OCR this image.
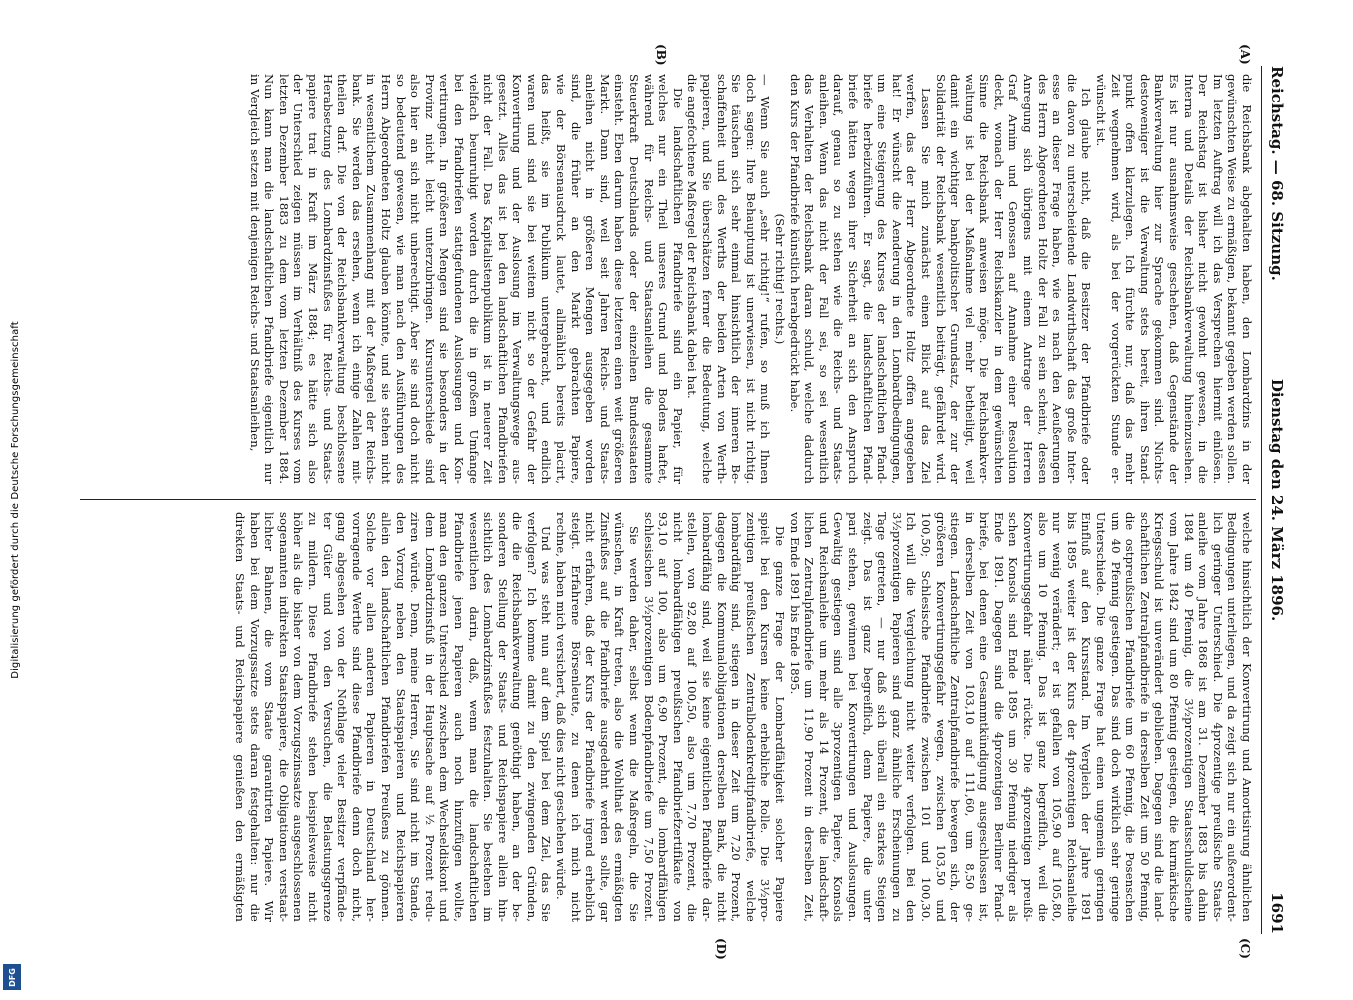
Reichstag. — 68. Sitzung.
Dienstag den 24. März 1896.
1691
(A)
(B)
(C)
(D)
die Reichsbank abgehalten haben, den Lombardzins in der
gewünschten Weise zu ermäßigen, bekannt gegeben werden sollen.
Im letzten Auftrag will ich das Versprechen hiermit einlösen.
Der Reichstag ist bisher nicht gewohnt gewesen, in die
Interna und Details der Reichsbankverwaltung hineinzusehen.
Es ist nur ausnahmsweise geschehen, daß Gegenstände der
Bankverwaltung hier zur Sprache gekommen sind. Nichts-
destoweniger ist die Verwaltung stets bereit, ihren Stand-
punkt offen klarzulegen. Ich fürchte nur, daß das mehr
Zeit wegnehmen wird, als bei der vorgerückten Stunde er-
wünscht ist.
Ich glaube nicht, daß die Besitzer der Pfandbriefe oder
die davon zu unterscheidende Landwirthschaft das große Inter-
esse an dieser Frage haben, wie es nach den Aeußerungen
des Herrn Abgeordneten Holtz der Fall zu sein scheint, dessen
Anregung sich übrigens mit einem Antrage der Herren
Graf Arnim und Genossen auf Annahme einer Resolution
deckt, wonach der Herr Reichskanzler in dem gewünschten
Sinne die Reichsbank anweisen möge. Die Reichsbankver-
waltung ist bei der Maßnahme viel mehr betheiligt, weil
damit ein wichtiger bankpolitischer Grundsatz, der zur der
Solidarität der Reichsbank wesentlich beiträgt, gefährdet wird.
Lassen Sie mich zunächst einen Blick auf das Ziel
werfen, das der Herr Abgeordnete Holtz offen angegeben
hat! Er wünscht die Aenderung in den Lombardbedingungen,
um eine Steigerung des Kurses der landschaftlichen Pfand-
briefe herbeizuführen. Er sagt, die landschaftlichen Pfand-
briefe hätten wegen ihrer Sicherheit an sich den Anspruch
darauf, genau so zu stehen wie die Reichs- und Staats-
anleihen. Wenn das nicht der Fall sei, so sei wesentlich
das Verhalten der Reichsbank daran schuld, welche dadurch
den Kurs der Pfandbriefe künstlich herabgedrückt habe.
(Sehr richtig! rechts.)
— Wenn Sie auch „sehr richtig!“ rufen, so muß ich Ihnen
doch sagen: Ihre Behauptung ist unerwiesen, ist nicht richtig.
Sie täuschen sich sehr einmal hinsichtlich der inneren Be-
schaffenheit und des Werths der beiden Arten von Werth-
papieren, und Sie überschätzen ferner die Bedeutung, welche
die angefochtene Maßregel der Reichsbank dabei hat.
Die landschaftlichen Pfandbriefe sind ein Papier, für
welches nur ein Theil unseres Grund und Bodens haftet,
während für Reichs- und Staatsanleihen die gesammte
Steuerkraft Deutschlands oder der einzelnen Bundesstaaten
einsteht. Eben darum haben diese letzteren einen weit größeren
Markt. Dann sind, weil seit Jahren Reichs- und Staats-
anleihen nicht in größeren Mengen ausgegeben worden
sind, die früher an den Markt gebrachten Papiere,
wie der Börsenausdruck lautet, allmählich bereits placirt,
das heißt, sie im Publikum untergebracht, und endlich
waren und sind sie bei weitem nicht so der Gefahr der
Konvertirung und der Auslosung im Verwaltungswege aus-
gesetzt. Alles das ist bei den landschaftlichen Pfandbriefen
nicht der Fall. Das Kapitalistenpublikum ist in neuerer Zeit
vielfach beunruhigt worden durch die in großem Umfange
bei den Pfandbriefen stattgefundenen Auslosungen und Kon-
vertirungen. In größeren Mengen sind sie besonders in der
Provinz nicht leicht unterzubringen. Kursunterschiede sind
also hier an sich nicht unberechtigt. Aber sie sind doch nicht
so bedeutend gewesen, wie man nach den Ausführungen des
Herrn Abgeordneten Holtz glauben könnte, und sie stehen nicht
in wesentlichem Zusammenhang mit der Maßregel der Reichs-
bank. Sie werden das ersehen, wenn ich einige Zahlen mit-
theilen darf. Die von der Reichsbankverwaltung beschlossene
Herabsetzung des Lombardzinsfußes für Reichs- und Staats-
papiere trat in Kraft im März 1884; es hätte sich also
der Unterschied zeigen müssen im Verhältniß des Kurses vom
letzten Dezember 1883 zu dem vom letzten Dezember 1884.
Nun kann man die landschaftlichen Pfandbriefe eigentlich nur
in Vergleich setzen mit denjenigen Reichs- und Staatsanleihen,
welche hinsichtlich der Konvertirung und Amortisirung ähnlichen
Bedingungen unterliegen, und da zeigt sich nur ein außerordent-
lich geringer Unterschied. Die 4prozentige preußische Staats-
anleihe vom Jahre 1868 ist am 31. Dezember 1883 bis dahin
1884 um 40 Pfennig, die 3½prozentigen Staatsschuldscheine
vom Jahre 1842 sind um 80 Pfennig gestiegen, die kurmärkische
Kriegsschuld ist unverändert geblieben. Dagegen sind die land-
schaftlichen Zentralpfandbriefe in derselben Zeit um 50 Pfennig,
die ostpreußischen Pfandbriefe um 60 Pfennig, die Posenschen
um 40 Pfennig gestiegen. Das sind doch wirklich sehr geringe
Unterschiede. Die ganze Frage hat einen ungemein geringen
Einfluß auf den Kursstand. Im Vergleich der Jahre 1891
bis 1895 weiter ist der Kurs der 4prozentigen Reichsanleihe
nur wenig verändert; er ist gefallen von 105,90 auf 105,80,
also um 10 Pfennig. Das ist ganz begreiflich, weil die
Konvertirungsgefahr näher rückte. Die 4prozentigen preußi-
schen Konsols sind Ende 1895 um 30 Pfennig niedriger als
Ende 1891. Dagegen sind die 4prozentigen Berliner Pfand-
briefe, bei denen eine Gesammtkündigung ausgeschlossen ist,
in derselben Zeit von 103,10 auf 111,60, um 8,50 ge-
stiegen. Landschaftliche Zentralpfandbriefe bewegen sich, der
größeren Konvertirungsgefahr wegen, zwischen 103,50 und
100,50; Schlesische Pfandbriefe zwischen 101 und 100,30.
Ich will die Vergleichung nicht weiter verfolgen. Bei den
3½prozentigen Papieren sind ganz ähnliche Erscheinungen zu
Tage getreten, — nur daß sich überall ein starkes Steigen
zeigt. Das ist ganz begreiflich, denn Papiere, die unter
pari stehen, gewinnen bei Konvertirungen und Auslosungen.
Gewaltig gestiegen sind alle 3prozentigen Papiere, Konsols
und Reichsanleihe um mehr als 14 Prozent, die landschaft-
lichen Zentralpfandbriefe um 11,90 Prozent in derselben Zeit,
von Ende 1891 bis Ende 1895.
Die ganze Frage der Lombardfähigkeit solcher Papiere
spielt bei den Kursen keine erhebliche Rolle. Die 3½pro-
zentigen preußischen Zentralbodenkreditpfandbriefe, welche
lombardfähig sind, stiegen in dieser Zeit um 7,20 Prozent,
dagegen die Kommunalobligationen derselben Bank, die nicht
lombardfähig sind, weil sie keine eigentlichen Pfandbriefe dar-
stellen, von 92,80 auf 100,50, also um 7,70 Prozent, die
nicht lombardfähigen preußischen Pfandbriefzertifikate von
93,10 auf 100, also um 6,90 Prozent, die lombardfähigen
schlesischen 3½prozentigen Bodenpfandbriefe um 7,50 Prozent.
Sie werden daher, selbst wenn die Maßregeln, die Sie
wünschen, in Kraft treten, also die Wohlthat des ermäßigten
Zinsfußes auf die Pfandbriefe ausgedehnt werden sollte, gar
nicht erfahren, daß der Kurs der Pfandbriefe irgend erheblich
steigt. Erfahrene Börsenleute, zu denen ich mich nicht
rechne, haben mich versichert, daß dies nicht geschehen würde.
Und was steht nun auf dem Spiel bei dem Ziel, das Sie
verfolgen? Ich komme damit zu den zwingenden Gründen,
die die Reichsbankverwaltung genöthigt haben, an der be-
sonderen Stellung der Staats- und Reichspapiere allein hin-
sichtlich des Lombardzinsfußes festzuhalten. Sie bestehen im
wesentlichen darin, daß, wenn man die landschaftlichen
Pfandbriefe jenen Papieren auch noch hinzufügen wollte,
man den ganzen Unterschied zwischen dem Wechseldiskont und
dem Lombardzinsfuß in der Hauptsache auf ½ Prozent redu-
ziren würde. Denn, meine Herren, Sie sind nicht im Stande,
den Vorzug neben den Staatspapieren und Reichspapieren
allein den landschaftlichen Pfandbriefen Preußens zu gönnen.
Solche vor allen anderen Papieren in Deutschland her-
vorragende Werthe sind diese Pfandbriefe denn doch nicht,
gang abgesehen von der Nothlage vieler Besitzer verpfände-
ter Güter und von den Versuchen, die Belastungsgrenze
zu mildern. Diese Pfandbriefe stehen beispielsweise nicht
höher als die bisher von dem Vorzugszinssatze ausgeschlossenen
sogenannten indirekten Staatspapiere, die Obligationen verstaat-
lichter Bahnen, die vom Staate garantirten Papiere. Wir
haben bei dem Vorzugssatze stets daran festgehalten: nur die
direkten Staats- und Reichspapiere genießen den ermäßigten
Digitalisierung gefördert durch die Deutsche Forschungsgemeinschaft
DFG
